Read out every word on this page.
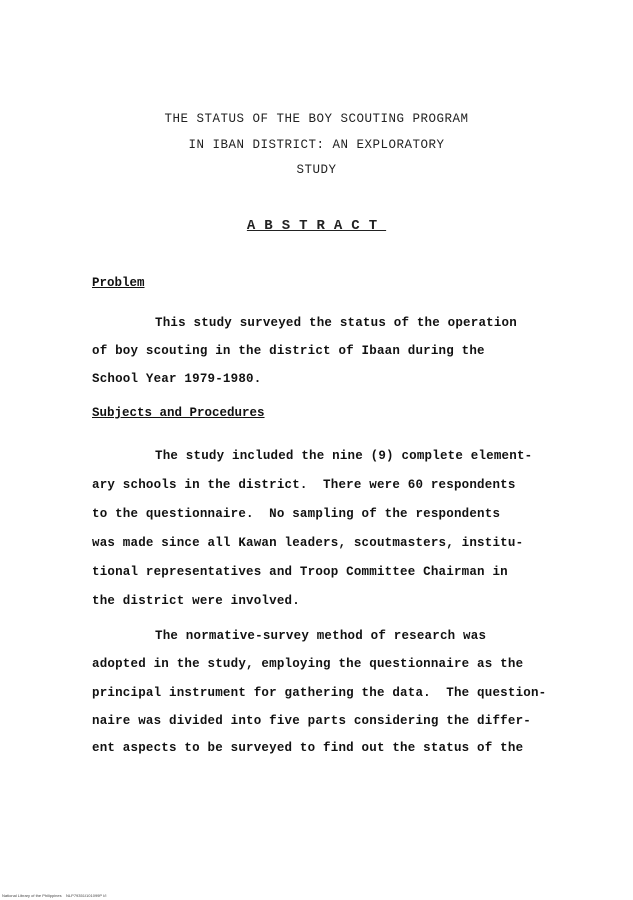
THE STATUS OF THE BOY SCOUTING PROGRAM
IN IBAN DISTRICT: AN EXPLORATORY
STUDY
ABSTRACT
Problem
This study surveyed the status of the operation
of boy scouting in the district of Ibaan during the
School Year 1979-1980.
Subjects and Procedures
The study included the nine (9) complete element-
ary schools in the district.  There were 60 respondents
to the questionnaire.  No sampling of the respondents
was made since all Kawan leaders, scoutmasters, institu-
tional representatives and Troop Committee Chairman in
the district were involved.
The normative-survey method of research was
adopted in the study, employing the questionnaire as the
principal instrument for gathering the data.  The question-
naire was divided into five parts considering the differ-
ent aspects to be surveyed to find out the status of the
National Library of the Philippines    NLP79351I101099P I/I
